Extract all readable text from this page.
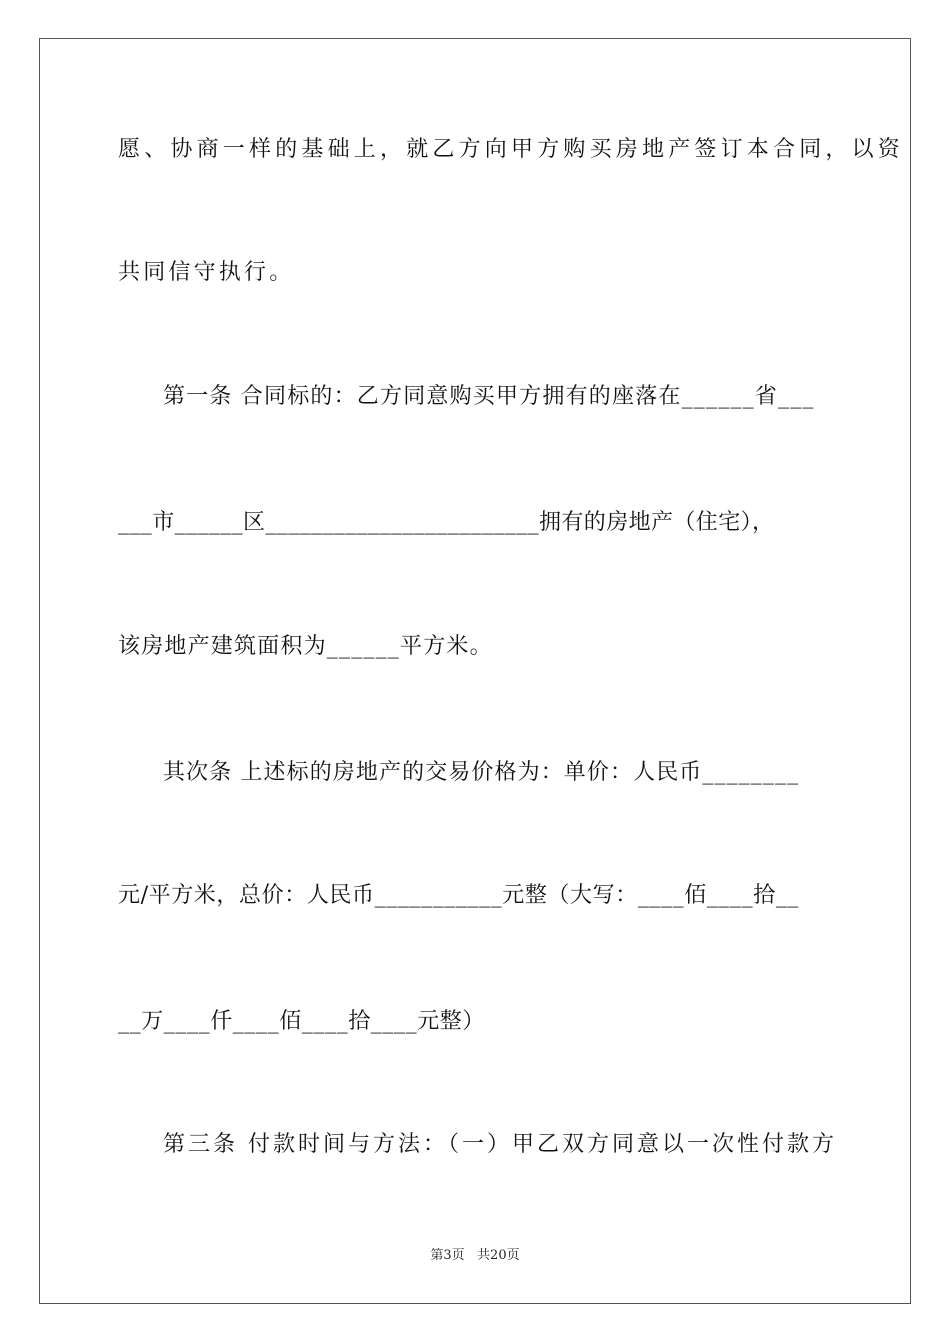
愿、协商一样的基础上，就乙方向甲方购买房地产签订本合同，以资
共同信守执行。
第一条 合同标的：乙方同意购买甲方拥有的座落在______省___
___市______区________________________拥有的房地产（住宅），
该房地产建筑面积为______平方米。
其次条 上述标的房地产的交易价格为：单价：人民币________
元/平方米，总价：人民币___________元整（大写：____佰____拾__
__万____仟____佰____拾____元整）
第三条 付款时间与方法：（一）甲乙双方同意以一次性付款方
第3页   共20页
